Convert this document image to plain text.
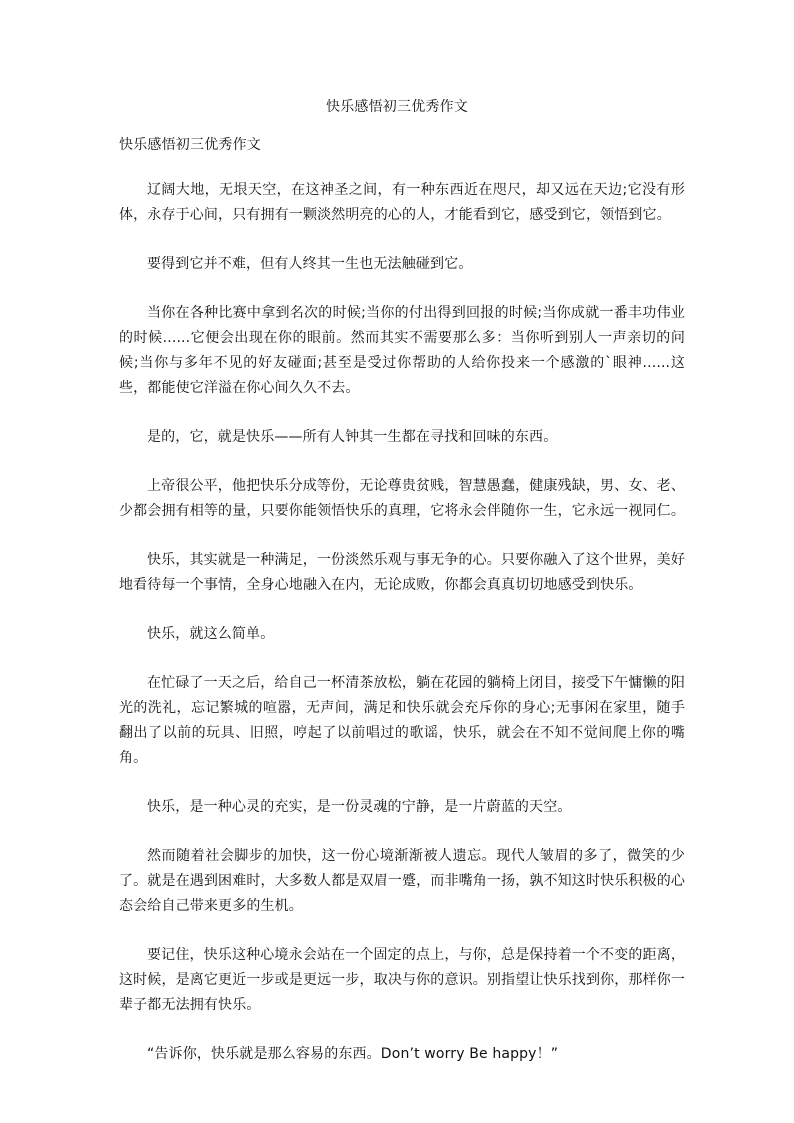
快乐感悟初三优秀作文
快乐感悟初三优秀作文

辽阔大地，无垠天空，在这神圣之间，有一种东西近在咫尺，却又远在天边;它没有形体，永存于心间，只有拥有一颗淡然明亮的心的人，才能看到它，感受到它，领悟到它。

要得到它并不难，但有人终其一生也无法触碰到它。

当你在各种比赛中拿到名次的时候;当你的付出得到回报的时候;当你成就一番丰功伟业的时候......它便会出现在你的眼前。然而其实不需要那么多：当你听到别人一声亲切的问候;当你与多年不见的好友碰面;甚至是受过你帮助的人给你投来一个感激的`眼神......这些，都能使它洋溢在你心间久久不去。

是的，它，就是快乐——所有人钟其一生都在寻找和回味的东西。

上帝很公平，他把快乐分成等份，无论尊贵贫贱，智慧愚蠢，健康残缺，男、女、老、少都会拥有相等的量，只要你能领悟快乐的真理，它将永会伴随你一生，它永远一视同仁。

快乐，其实就是一种满足，一份淡然乐观与事无争的心。只要你融入了这个世界，美好地看待每一个事情，全身心地融入在内，无论成败，你都会真真切切地感受到快乐。

快乐，就这么简单。

在忙碌了一天之后，给自己一杯清茶放松，躺在花园的躺椅上闭目，接受下午慵懒的阳光的洗礼，忘记繁城的喧嚣，无声间，满足和快乐就会充斥你的身心;无事闲在家里，随手翻出了以前的玩具、旧照，哼起了以前唱过的歌谣，快乐，就会在不知不觉间爬上你的嘴角。

快乐，是一种心灵的充实，是一份灵魂的宁静，是一片蔚蓝的天空。

然而随着社会脚步的加快，这一份心境渐渐被人遗忘。现代人皱眉的多了，微笑的少了。就是在遇到困难时，大多数人都是双眉一蹙，而非嘴角一扬，孰不知这时快乐积极的心态会给自己带来更多的生机。

要记住，快乐这种心境永会站在一个固定的点上，与你，总是保持着一个不变的距离，这时候，是离它更近一步或是更远一步，取决与你的意识。别指望让快乐找到你，那样你一辈子都无法拥有快乐。

“告诉你，快乐就是那么容易的东西。Don’t worry Be happy！”
